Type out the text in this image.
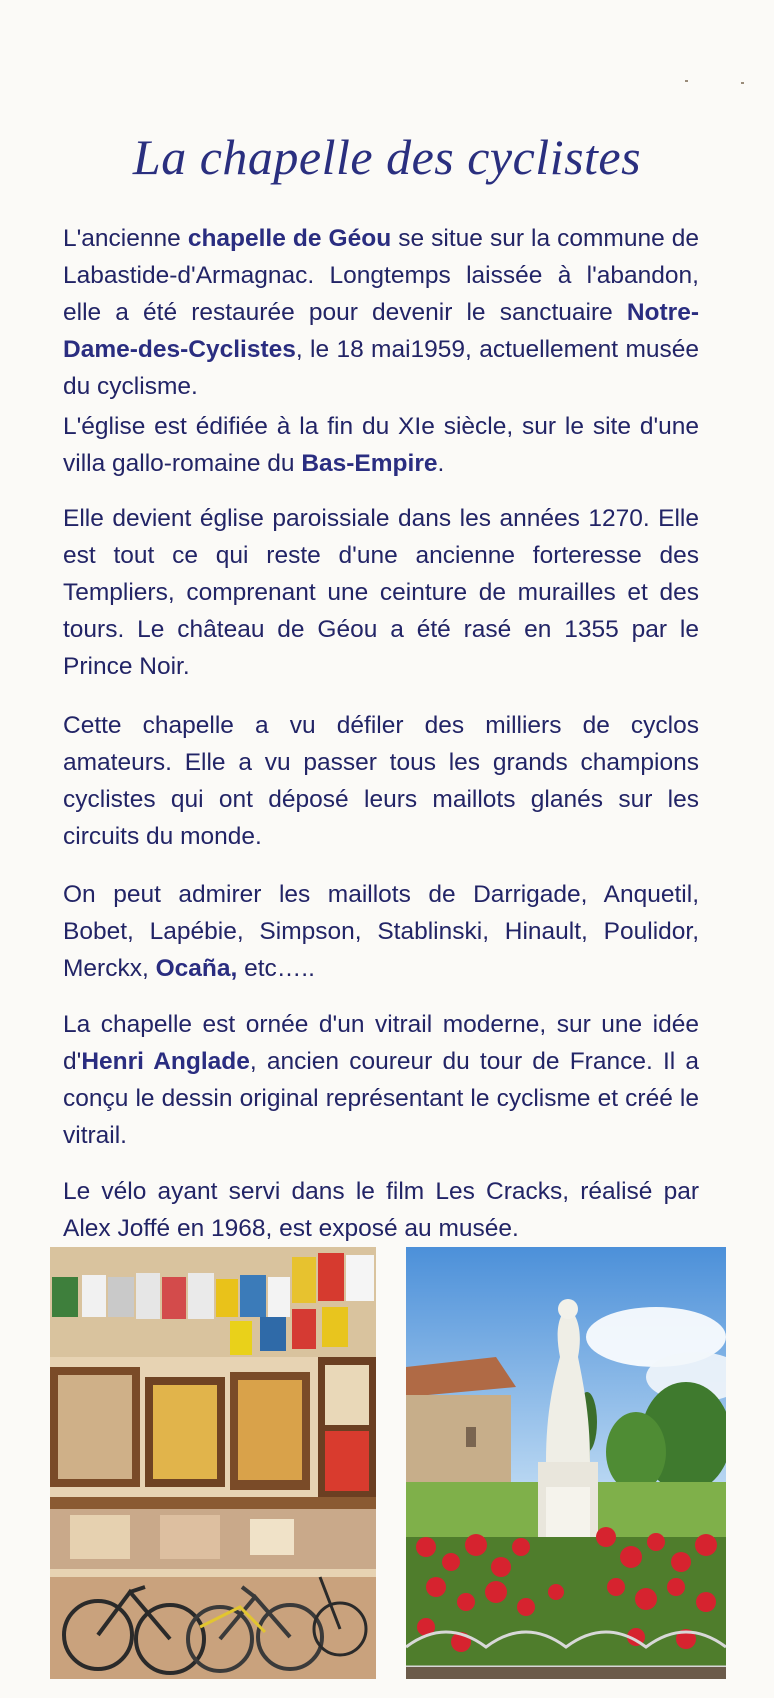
La chapelle des cyclistes

L'ancienne chapelle de Géou se situe sur la commune de Labastide-d'Armagnac. Longtemps laissée à l'abandon, elle a été restaurée pour devenir le sanctuaire Notre-Dame-des-Cyclistes, le 18 mai1959, actuellement musée du cyclisme.

L'église est édifiée à la fin du XIe siècle, sur le site d'une villa gallo-romaine du Bas-Empire.

Elle devient église paroissiale dans les années 1270. Elle est tout ce qui reste d'une ancienne forteresse des Templiers, comprenant une ceinture de murailles et des tours. Le château de Géou a été rasé en 1355 par le Prince Noir.

Cette chapelle a vu défiler des milliers de cyclos amateurs. Elle a vu passer tous les grands champions cyclistes qui ont déposé leurs maillots glanés sur les circuits du monde.

On peut admirer les maillots de Darrigade, Anquetil, Bobet, Lapébie, Simpson, Stablinski, Hinault, Poulidor, Merckx, Ocaña, etc…..

La chapelle est ornée d'un vitrail moderne, sur une idée d'Henri Anglade, ancien coureur du tour de France. Il a conçu le dessin original représentant le cyclisme et créé le vitrail.

Le vélo ayant servi dans le film Les Cracks, réalisé par Alex Joffé en 1968, est exposé au musée.
